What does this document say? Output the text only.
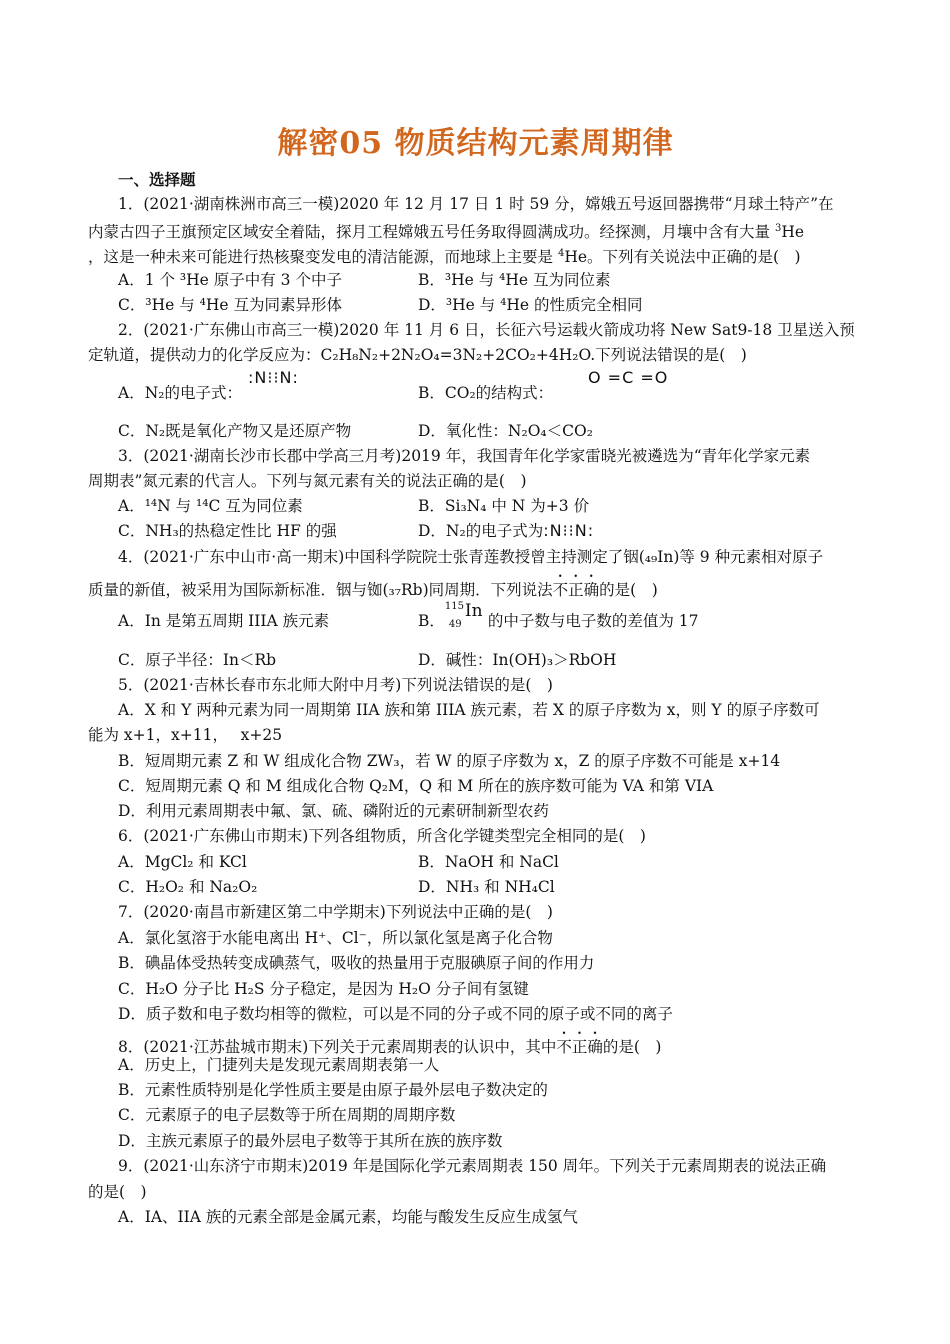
解密05 物质结构元素周期律
一、选择题
1．(2021·湖南株洲市高三一模)2020 年 12 月 17 日 1 时 59 分，嫦娥五号返回器携带“月球土特产”在
内蒙古四子王旗预定区域安全着陆，探月工程嫦娥五号任务取得圆满成功。经探测，月壤中含有大量 $^3$He
，这是一种未来可能进行热核聚变发电的清洁能源，而地球上主要是 $^4$He。下列有关说法中正确的是(　)
A．1 个 ³He 原子中有 3 个中子	B．³He 与 ⁴He 互为同位素
C．³He 与 ⁴He 互为同素异形体	D．³He 与 ⁴He 的性质完全相同
2．(2021·广东佛山市高三一模)2020 年 11 月 6 日，长征六号运载火箭成功将 New Sat9-18 卫星送入预
定轨道，提供动力的化学反应为：C₂H₈N₂+2N₂O₄=3N₂+2CO₂+4H₂O.下列说法错误的是(　)
A．N₂的电子式：
:N⁝⁝N:
B．CO₂的结构式：
O =C =O
C．N₂既是氧化产物又是还原产物	D．氧化性：N₂O₄＜CO₂
3．(2021·湖南长沙市长郡中学高三月考)2019 年，我国青年化学家雷晓光被遴选为“青年化学家元素
周期表”氮元素的代言人。下列与氮元素有关的说法正确的是(　)
A．¹⁴N 与 ¹⁴C 互为同位素	B．Si₃N₄ 中 N 为+3 价
C．NH₃的热稳定性比 HF 的强	D．N₂的电子式为:N⁝⁝N:
4．(2021·广东中山市·高一期末)中国科学院院士张青莲教授曾主持测定了铟(₄₉In)等 9 种元素相对原子
质量的新值，被采用为国际新标准．铟与铷(₃₇Rb)同周期．下列说法不正确的是(　)
A．In 是第五周期 IIIA 族元素	B．
115
49
In 的中子数与电子数的差值为 17
C．原子半径：In＜Rb	D．碱性：In(OH)₃＞RbOH
5．(2021·吉林长春市东北师大附中月考)下列说法错误的是(　)
A．X 和 Y 两种元素为同一周期第 IIA 族和第 IIIA 族元素，若 X 的原子序数为 x，则 Y 的原子序数可
能为 x+1，x+11，　 x+25
B．短周期元素 Z 和 W 组成化合物 ZW₃，若 W 的原子序数为 x，Z 的原子序数不可能是 x+14
C．短周期元素 Q 和 M 组成化合物 Q₂M，Q 和 M 所在的族序数可能为 VA 和第 VIA
D．利用元素周期表中氟、氯、硫、磷附近的元素研制新型农药
6．(2021·广东佛山市期末)下列各组物质，所含化学键类型完全相同的是(　)
A．MgCl₂ 和 KCl	B．NaOH 和 NaCl
C．H₂O₂ 和 Na₂O₂	D．NH₃ 和 NH₄Cl
7．(2020·南昌市新建区第二中学期末)下列说法中正确的是(　)
A．氯化氢溶于水能电离出 H⁺、Cl⁻，所以氯化氢是离子化合物
B．碘晶体受热转变成碘蒸气，吸收的热量用于克服碘原子间的作用力
C．H₂O 分子比 H₂S 分子稳定，是因为 H₂O 分子间有氢键
D．质子数和电子数均相等的微粒，可以是不同的分子或不同的原子或不同的离子
8．(2021·江苏盐城市期末)下列关于元素周期表的认识中，其中不正确的是(　)
A．历史上，门捷列夫是发现元素周期表第一人
B．元素性质特别是化学性质主要是由原子最外层电子数决定的
C．元素原子的电子层数等于所在周期的周期序数
D．主族元素原子的最外层电子数等于其所在族的族序数
9．(2021·山东济宁市期末)2019 年是国际化学元素周期表 150 周年。下列关于元素周期表的说法正确
的是(　)
A．ⅠA、IIA 族的元素全部是金属元素，均能与酸发生反应生成氢气
